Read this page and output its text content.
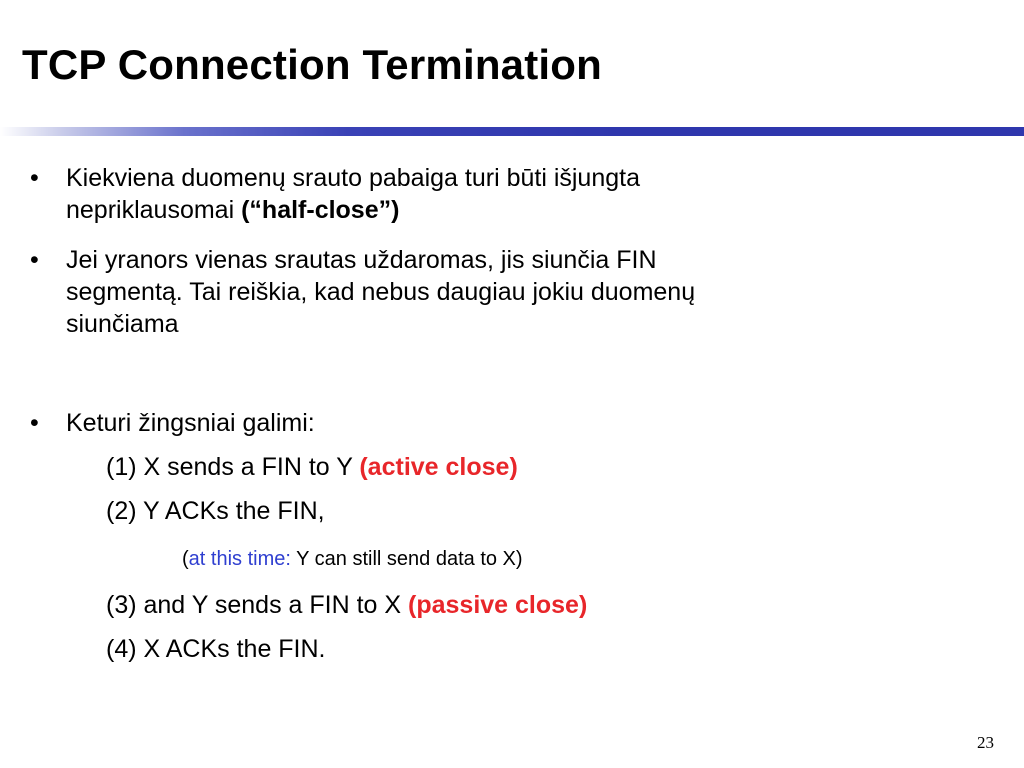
TCP Connection Termination
• Kiekviena duomenų srauto pabaiga turi būti išjungta
nepriklausomai (“half-close”)
• Jei yranors vienas srautas uždaromas, jis siunčia FIN
segmentą. Tai reiškia, kad nebus daugiau jokiu duomenų
siunčiama
• Keturi žingsniai galimi:
(1) X sends a FIN to Y (active close)
(2) Y ACKs the FIN,
(at this time: Y can still send data to X)
(3) and Y sends a FIN to X (passive close)
(4) X ACKs the FIN.
23
